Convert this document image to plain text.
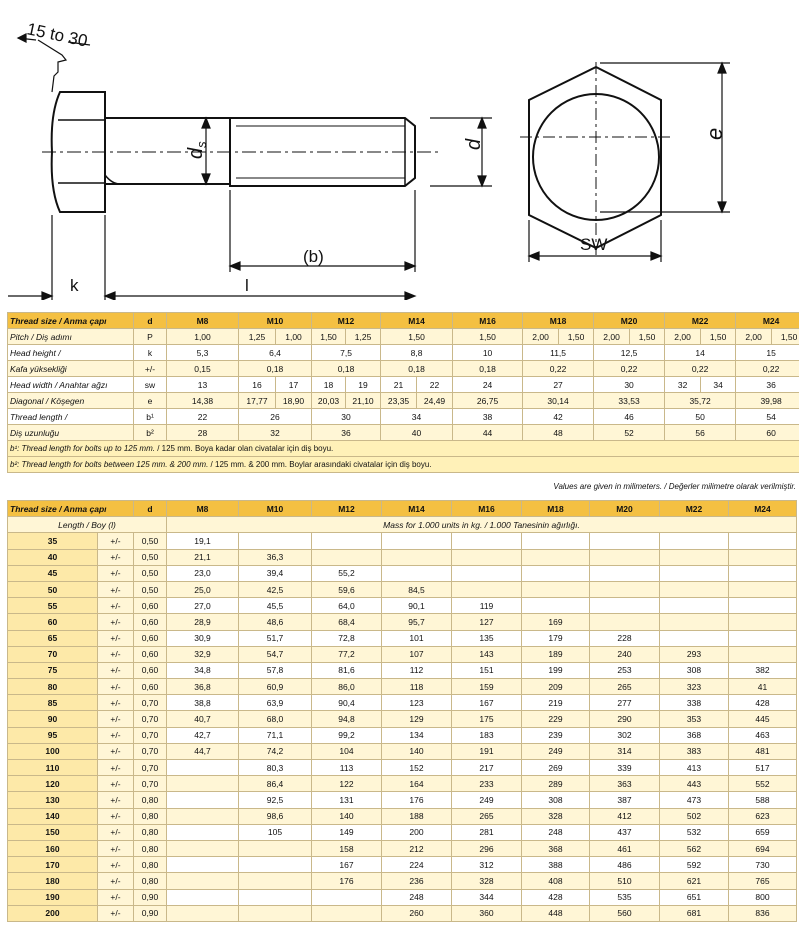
15 to 30
$d_s$	d
(b)
k	l
e
SW
Thread size / Anma çapı	d	M8	M10		M12		M14		M16	M18		M20		M22		M24	
Pitch / Diş adımı	P	1,00	1,25	1,00	1,50	1,25	1,50		1,50	2,00	1,50	2,00	1,50	2,00	1,50	2,00	1,50
Head height /	k	5,3	6,4		7,5		8,8		10	11,5		12,5		14		15	
Kafa yüksekliği	+/-	0,15	0,18		0,18		0,18		0,18	0,22		0,22		0,22		0,22	
Head width / Anahtar ağzı	sw	13	16	17	18	19	21	22	24	27		30		32	34	36	
Diagonal / Köşegen	e	14,38	17,77	18,90	20,03	21,10	23,35	24,49	26,75	30,14		33,53		35,72		39,98	
Thread length /	b¹	22	26		30		34		38	42		46		50		54	
Diş uzunluğu	b²	28	32		36		40		44	48		52		56		60	
b¹: Thread length for bolts up to 125 mm. / 125 mm. Boya kadar olan civatalar için diş boyu.																	
b²: Thread length for bolts between 125 mm. & 200 mm. / 125 mm. & 200 mm. Boylar arasındaki civatalar için diş boyu.																	
Values are given in milimeters. / Değerler milimetre olarak verilmiştir.
Thread size / Anma çapı		d	M8	M10	M12	M14	M16	M18	M20	M22	M24
Length / Boy (l)			Mass for 1.000 units in kg. / 1.000 Tanesinin ağırlığı.								
35	+/-	0,50	19,1								
40	+/-	0,50	21,1	36,3							
45	+/-	0,50	23,0	39,4	55,2						
50	+/-	0,50	25,0	42,5	59,6	84,5					
55	+/-	0,60	27,0	45,5	64,0	90,1	119				
60	+/-	0,60	28,9	48,6	68,4	95,7	127	169			
65	+/-	0,60	30,9	51,7	72,8	101	135	179	228		
70	+/-	0,60	32,9	54,7	77,2	107	143	189	240	293	
75	+/-	0,60	34,8	57,8	81,6	112	151	199	253	308	382
80	+/-	0,60	36,8	60,9	86,0	118	159	209	265	323	41
85	+/-	0,70	38,8	63,9	90,4	123	167	219	277	338	428
90	+/-	0,70	40,7	68,0	94,8	129	175	229	290	353	445
95	+/-	0,70	42,7	71,1	99,2	134	183	239	302	368	463
100	+/-	0,70	44,7	74,2	104	140	191	249	314	383	481
110	+/-	0,70		80,3	113	152	217	269	339	413	517
120	+/-	0,70		86,4	122	164	233	289	363	443	552
130	+/-	0,80		92,5	131	176	249	308	387	473	588
140	+/-	0,80		98,6	140	188	265	328	412	502	623
150	+/-	0,80		105	149	200	281	248	437	532	659
160	+/-	0,80			158	212	296	368	461	562	694
170	+/-	0,80			167	224	312	388	486	592	730
180	+/-	0,80			176	236	328	408	510	621	765
190	+/-	0,90				248	344	428	535	651	800
200	+/-	0,90				260	360	448	560	681	836
